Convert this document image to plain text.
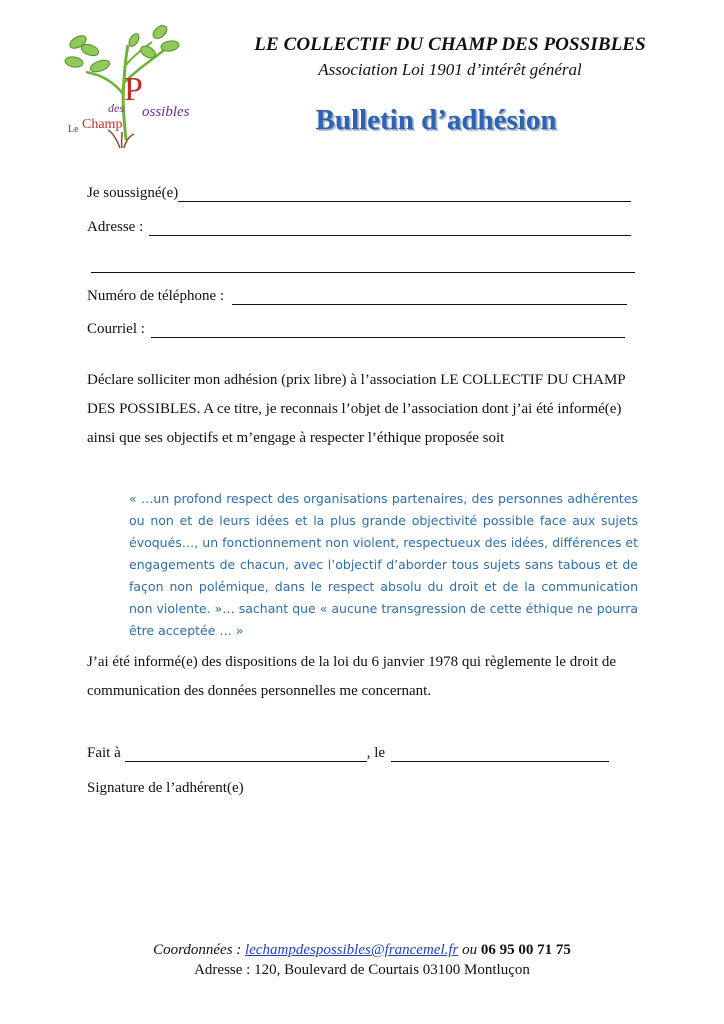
P
des ossibles
Le Champ
LE COLLECTIF DU CHAMP DES POSSIBLES
Association Loi 1901 d’intérêt général
Bulletin d’adhésion
Je soussigné(e)
Adresse :
Numéro de téléphone :
Courriel :

Déclare solliciter mon adhésion (prix libre) à l’association LE COLLECTIF DU CHAMP DES POSSIBLES. A ce titre, je reconnais l’objet de l’association dont j’ai été informé(e) ainsi que ses objectifs et m’engage à respecter l’éthique proposée soit

« …un profond respect des organisations partenaires, des personnes adhérentes ou non et de leurs idées et la plus grande objectivité possible face aux sujets évoqués…, un fonctionnement non violent, respectueux des idées, différences et engagements de chacun, avec l’objectif d’aborder tous sujets sans tabous et de façon non polémique, dans le respect absolu du droit et de la communication non violente. »… sachant que « aucune transgression de cette éthique ne pourra être acceptée … »

J’ai été informé(e) des dispositions de la loi du 6 janvier 1978 qui règlemente le droit de communication des données personnelles me concernant.

Fait à	, le
Signature de l’adhérent(e)
Coordonnées : lechampdespossibles@francemel.fr ou 06 95 00 71 75
Adresse : 120, Boulevard de Courtais 03100 Montluçon
